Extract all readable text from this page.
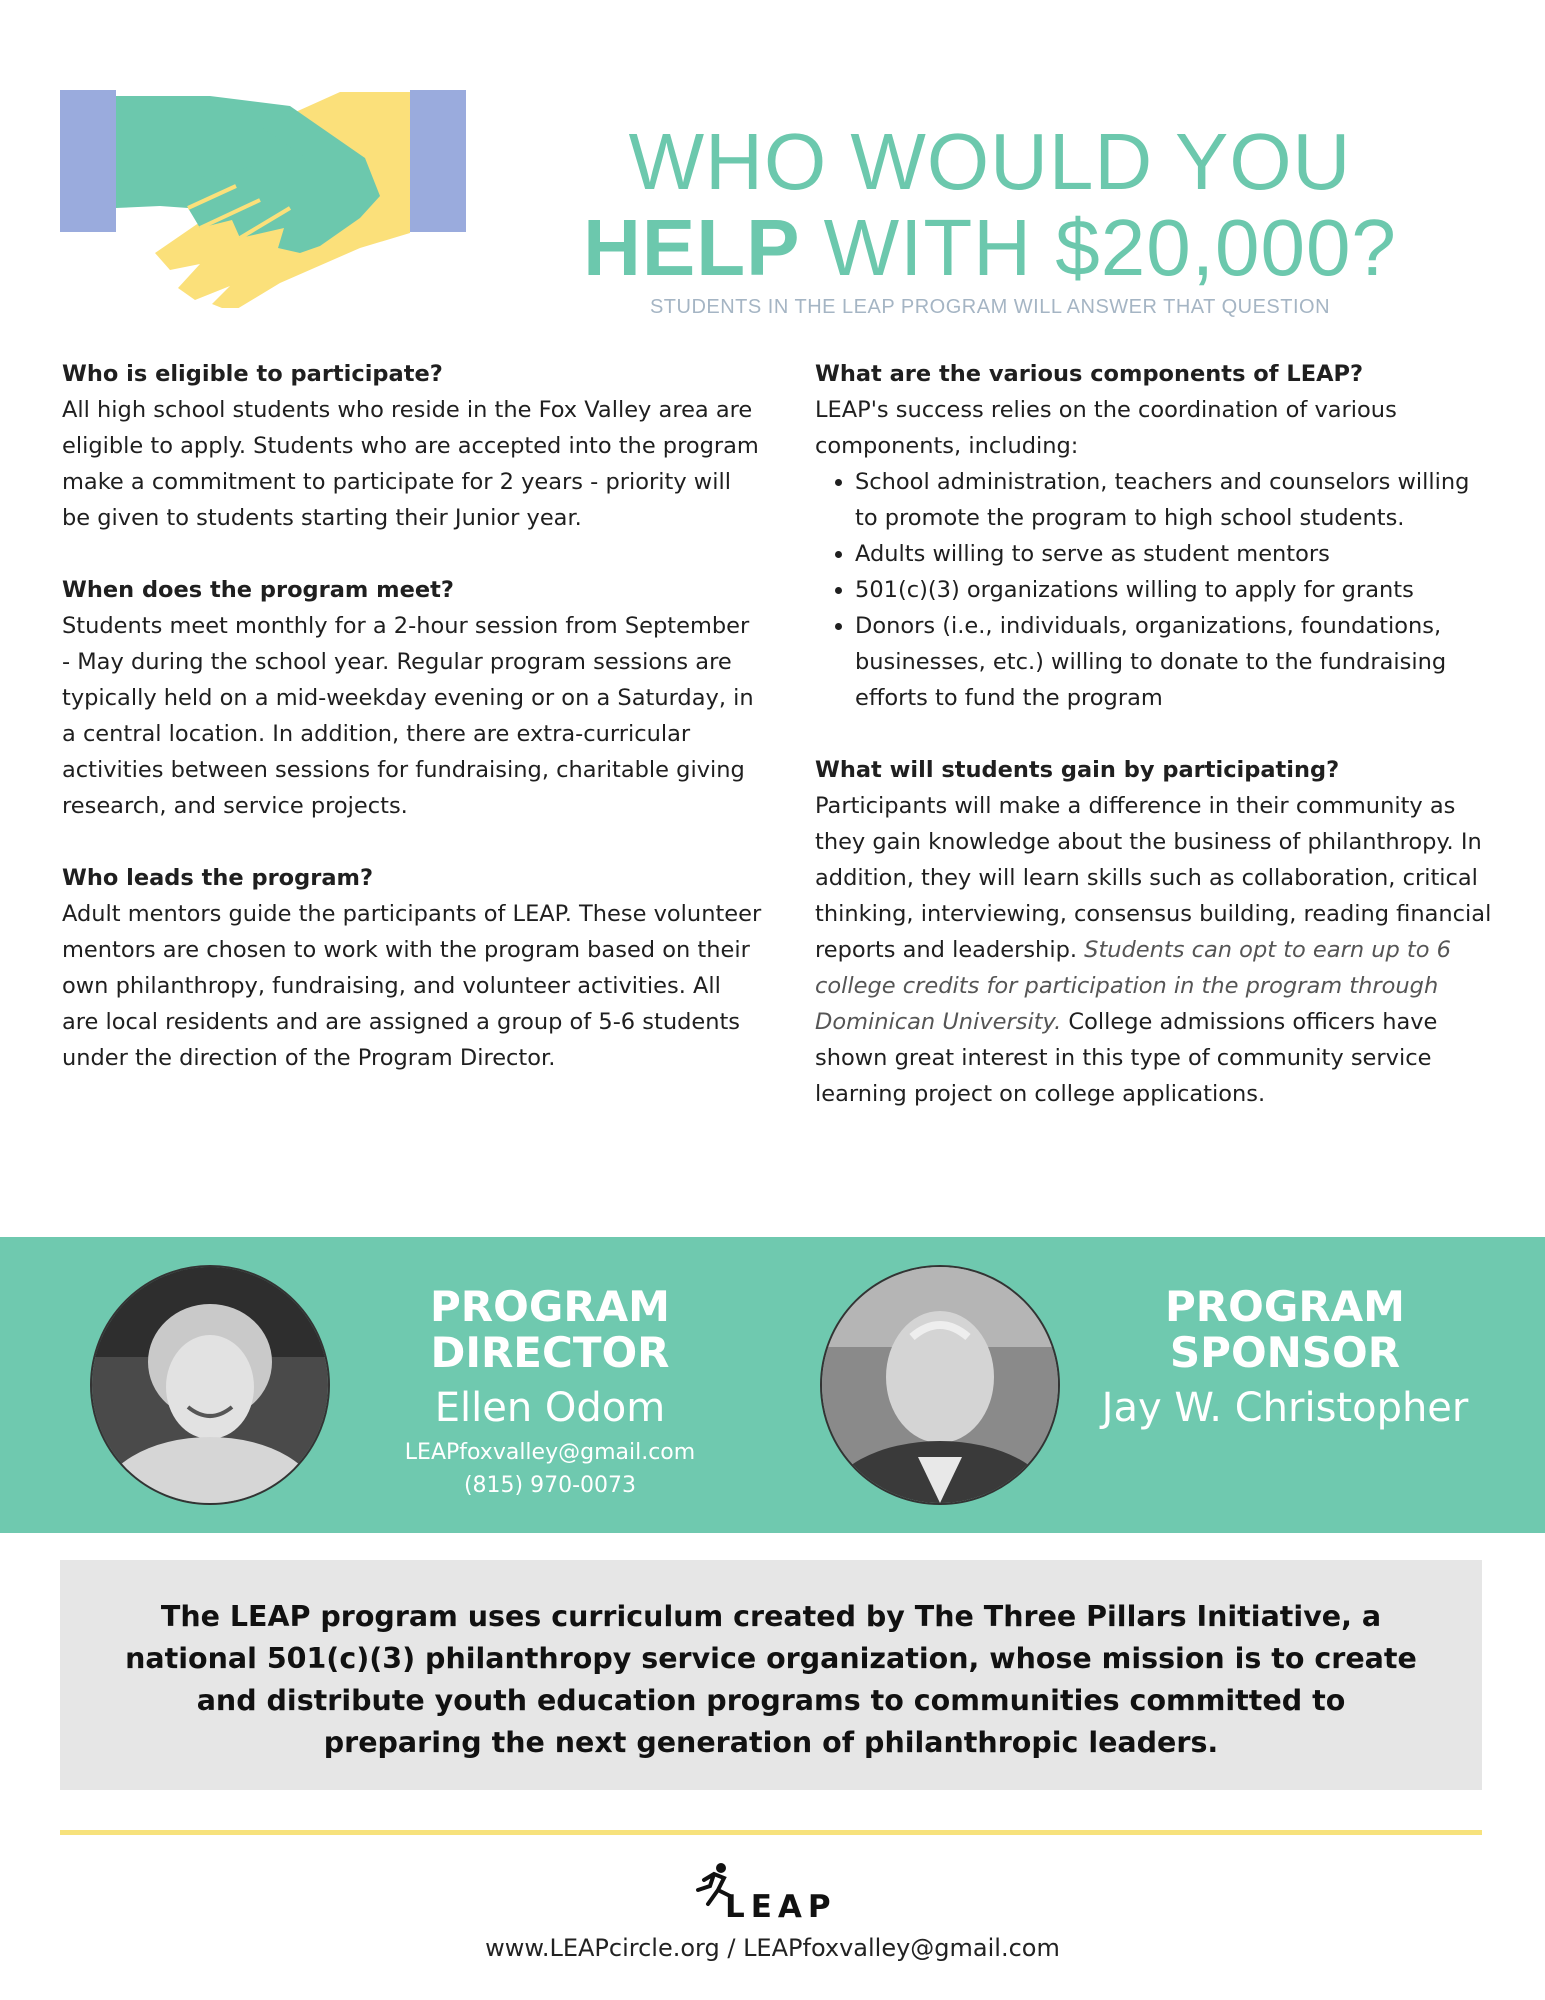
WHO WOULD YOU
HELP WITH $20,000?
STUDENTS IN THE LEAP PROGRAM WILL ANSWER THAT QUESTION

Who is eligible to participate?

All high school students who reside in the Fox Valley area are eligible to apply. Students who are accepted into the program make a commitment to participate for 2 years - priority will be given to students starting their Junior year.

When does the program meet?

Students meet monthly for a 2-hour session from September - May during the school year. Regular program sessions are typically held on a mid-weekday evening or on a Saturday, in a central location. In addition, there are extra-curricular activities between sessions for fundraising, charitable giving research, and service projects.

Who leads the program?

Adult mentors guide the participants of LEAP. These volunteer mentors are chosen to work with the program based on their own philanthropy, fundraising, and volunteer activities. All are local residents and are assigned a group of 5-6 students under the direction of the Program Director.

What are the various components of LEAP?

LEAP's success relies on the coordination of various components, including:

• School administration, teachers and counselors willing to promote the program to high school students.
• Adults willing to serve as student mentors
• 501(c)(3) organizations willing to apply for grants
• Donors (i.e., individuals, organizations, foundations, businesses, etc.) willing to donate to the fundraising efforts to fund the program

What will students gain by participating?

Participants will make a difference in their community as they gain knowledge about the business of philanthropy. In addition, they will learn skills such as collaboration, critical thinking, interviewing, consensus building, reading financial reports and leadership. Students can opt to earn up to 6 college credits for participation in the program through Dominican University. College admissions officers have shown great interest in this type of community service learning project on college applications.

PROGRAM
DIRECTOR
Ellen Odom
LEAPfoxvalley@gmail.com
(815) 970-0073
PROGRAM
SPONSOR
Jay W. Christopher

The LEAP program uses curriculum created by The Three Pillars Initiative, a national 501(c)(3) philanthropy service organization, whose mission is to create and distribute youth education programs to communities committed to preparing the next generation of philanthropic leaders.

LEAP
www.LEAPcircle.org / LEAPfoxvalley@gmail.com
